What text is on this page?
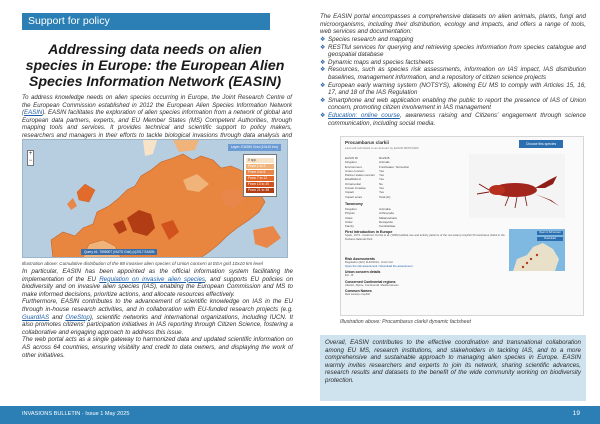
Support for policy
Addressing data needs on alien species in Europe: the European Alien Species Information Network (EASIN)
To address knowledge needs on alien species occurring in Europe, the Joint Research Centre of the European Commission established in 2012 the European Alien Species Information Network (EASIN). EASIN facilitates the exploration of alien species information from a network of global and European data partners, experts, and EU Member States (MS) Competent Authorities, through mapping tools and services. It provides technical and scientific support to policy makers, researchers and managers in their efforts to tackle biological invasions through data analysis and
+
−
Layer: EASIN Grid (10x10 km)
0 spp
From 1 to 3
From 4 to 6
From 7 to 12
From 13 to 20
From 21 to 38
Query #1: 7698007 (NUTS Grid) (c)2017 EASIN
Illustration above: Cumulative distribution of the 88 invasive alien species of Union concern at EEA grid 10x10 km level

In particular, EASIN has been appointed as the official information system facilitating the implementation of the EU Regulation on invasive alien species, and supports EU policies on biodiversity and on invasive alien species (IAS), enabling the European Commission and MS to make informed decisions, prioritize actions, and allocate resources effectively.

Furthermore, EASIN contributes to the advancement of scientific knowledge on IAS in the EU through in-house research activities, and in collaboration with EU-funded research projects (e.g. GuardIAS and OneStop), scientific networks and international organizations, including IUCN. It also promotes citizens' participation initiatives in IAS reporting through Citizen Science, fostering a collaborative and engaging approach to address this issue.

The web portal acts as a single gateway to harmonized data and updated scientific information on AS across 64 countries, ensuring visibility and credit to data owners, and displaying the work of other initiatives.

The EASIN portal encompasses a comprehensive datasets on alien animals, plants, fungi and microorganisms, including their distribution, ecology and impacts, and offers a range of tools, web services and documentation:
❖ Species research and mapping
❖ RESTful services for querying and retrieving species information from species catalogue and geospatial database
❖ Dynamic maps and species factsheets
❖ Resources, such as species risk assessments, information on IAS impact, IAS distribution baselines, management information, and a repository of citizen science projects
❖ European early warning system (NOTSYS), allowing EU MS to comply with Articles 15, 16, 17, and 18 of the IAS Regulation
❖ Smartphone and web application enabling the public to report the presence of IAS of Union concern, promoting citizen involvement in IAS management
❖ Education: online course, awareness raising and Citizens' engagement through science communication, including social media.
Procambarus clarkii
Last edit submitted to an account by EASIN 05/07/2023
Choose this species
EASIN ID	R12345
Kingdom	Animals
Environment	Freshwater, Terrestrial
Union concern	Yes
Partner status concern	Yes
Established	Yes
Ornamental	No
Known invasive	Yes
Impact	Yes
Impact score	Total (H)
Taxonomy
Kingdom	Animalia
Phylum	Arthropoda
Class	Malacostraca
Order	Decapoda
Family	Cambaridae
First Introduction in Europe
Spain, 1973 - Gutiérrez-Yurrita et al. (1999) Habitat use and activity patterns of the red swamp crayfish Procambarus clarkii in the Doñana National Park
Open in full screen
Download
Risk Assessments
Regulation (EU) 1143/2014 - Union list
Open the risk assessment / Download the assessment
Union concern details
EU - B
Concerned Continental regions
Atlantic, Alpine, Continental, Mediterranean
Common Names
Red swamp crayfish
Illustration above: Procambarus clarkii dynamic factsheet
Overall, EASIN contributes to the effective coordination and transnational collaboration among EU MS, research institutions, and stakeholders in tackling IAS, and to a more comprehensive and sustainable approach to managing alien species in Europe. EASIN warmly invites researchers and experts to join its network, sharing scientific advances, research results and datasets to the benefit of the wide community working on biodiversity protection.
INVASIONS BULLETIN · Issue 1 May 2025	19
